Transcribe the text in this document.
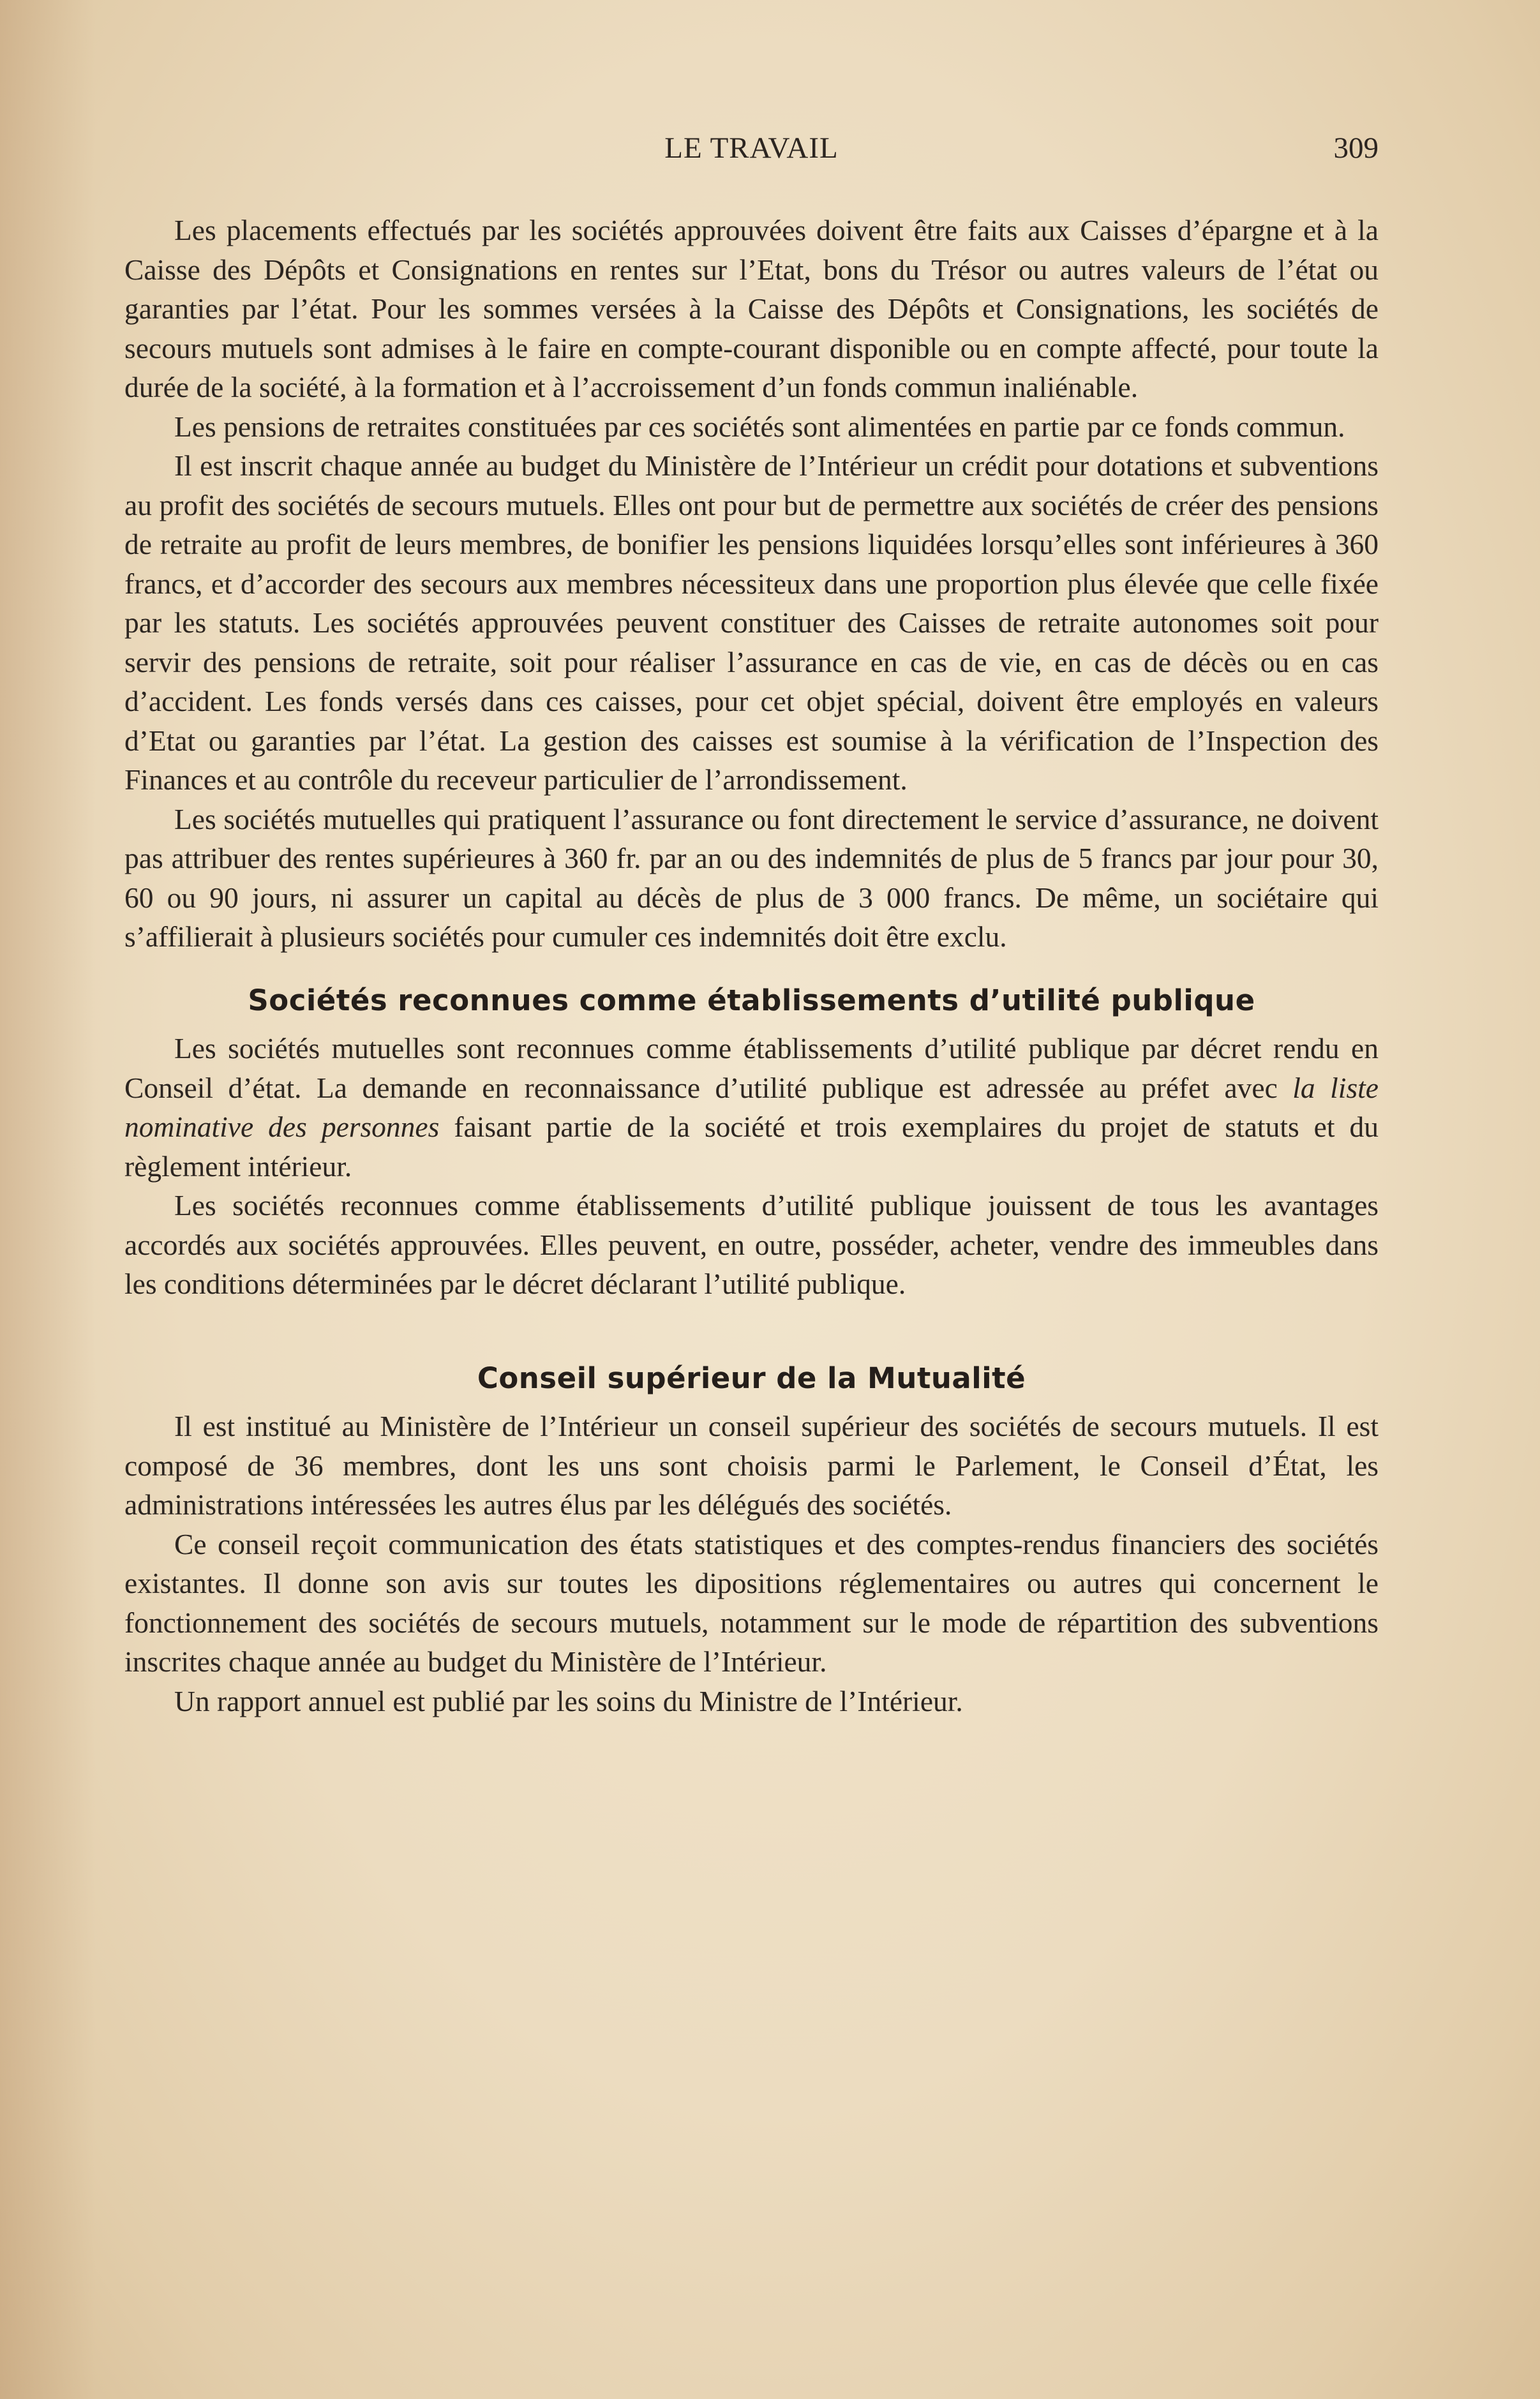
LE TRAVAIL	309

Les placements effectués par les sociétés approuvées doivent être faits aux Caisses d’épargne et à la Caisse des Dépôts et Consignations en rentes sur l’Etat, bons du Trésor ou autres valeurs de l’état ou garanties par l’état. Pour les sommes versées à la Caisse des Dépôts et Consignations, les sociétés de secours mutuels sont admises à le faire en compte-courant disponible ou en compte affecté, pour toute la durée de la société, à la formation et à l’accroissement d’un fonds commun inaliénable.

Les pensions de retraites constituées par ces sociétés sont alimentées en partie par ce fonds commun.

Il est inscrit chaque année au budget du Ministère de l’Intérieur un crédit pour dotations et subventions au profit des sociétés de secours mutuels. Elles ont pour but de permettre aux sociétés de créer des pensions de retraite au profit de leurs membres, de bonifier les pensions liquidées lorsqu’elles sont inférieures à 360 francs, et d’accorder des secours aux membres nécessiteux dans une proportion plus élevée que celle fixée par les statuts. Les sociétés approuvées peuvent constituer des Caisses de retraite autonomes soit pour servir des pensions de retraite, soit pour réaliser l’assurance en cas de vie, en cas de décès ou en cas d’accident. Les fonds versés dans ces caisses, pour cet objet spécial, doivent être employés en valeurs d’Etat ou garanties par l’état. La gestion des caisses est soumise à la vérification de l’Inspection des Finances et au contrôle du receveur particulier de l’arrondissement.

Les sociétés mutuelles qui pratiquent l’assurance ou font directement le service d’assurance, ne doivent pas attribuer des rentes supérieures à 360 fr. par an ou des indemnités de plus de 5 francs par jour pour 30, 60 ou 90 jours, ni assurer un capital au décès de plus de 3 000 francs. De même, un sociétaire qui s’affilierait à plusieurs sociétés pour cumuler ces indemnités doit être exclu.

Sociétés reconnues comme établissements d’utilité publique

Les sociétés mutuelles sont reconnues comme établissements d’utilité publique par décret rendu en Conseil d’état. La demande en reconnaissance d’utilité publique est adressée au préfet avec la liste nominative des personnes faisant partie de la société et trois exemplaires du projet de statuts et du règlement intérieur.

Les sociétés reconnues comme établissements d’utilité publique jouissent de tous les avantages accordés aux sociétés approuvées. Elles peuvent, en outre, posséder, acheter, vendre des immeubles dans les conditions déterminées par le décret déclarant l’utilité publique.

Conseil supérieur de la Mutualité

Il est institué au Ministère de l’Intérieur un conseil supérieur des sociétés de secours mutuels. Il est composé de 36 membres, dont les uns sont choisis parmi le Parlement, le Conseil d’État, les administrations intéressées les autres élus par les délégués des sociétés.

Ce conseil reçoit communication des états statistiques et des comptes-rendus financiers des sociétés existantes. Il donne son avis sur toutes les dipositions réglementaires ou autres qui concernent le fonctionnement des sociétés de secours mutuels, notamment sur le mode de répartition des subventions inscrites chaque année au budget du Ministère de l’Intérieur.

Un rapport annuel est publié par les soins du Ministre de l’Intérieur.
